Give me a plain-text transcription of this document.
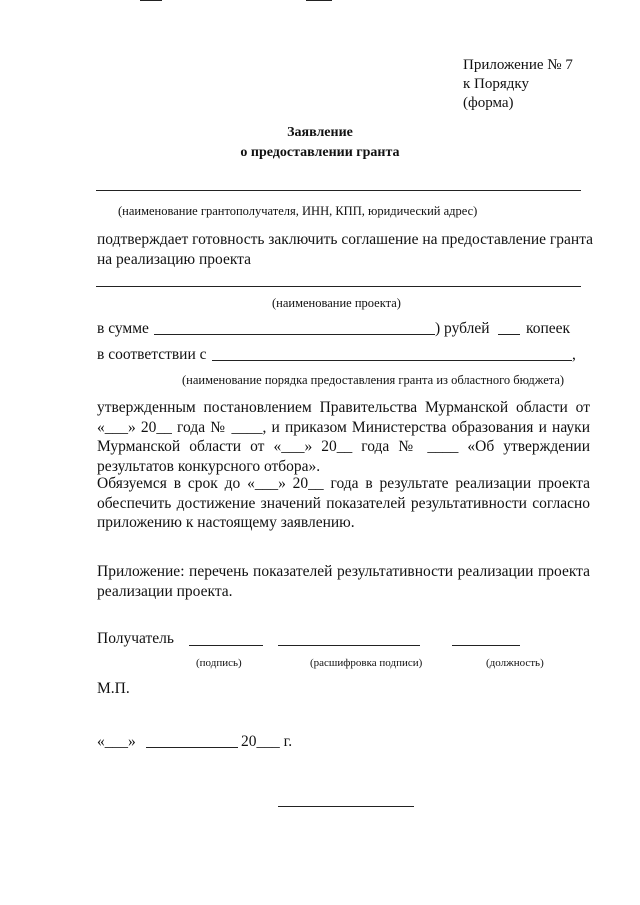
Приложение № 7
к Порядку
(форма)
Заявление
о предоставлении гранта
(наименование грантополучателя, ИНН, КПП, юридический адрес)
подтверждает готовность заключить соглашение на предоставление гранта
на реализацию проекта
(наименование проекта)
в сумме	) рублей копеек
в соответствии с	,
(наименование порядка предоставления гранта из областного бюджета)
утвержденным постановлением Правительства Мурманской области от
«___» 20__ года № ____, и приказом Министерства образования и науки
Мурманской области от «___» 20__ года № ____ «Об утверждении
результатов конкурсного отбора».
Обязуемся в срок до «___» 20__ года в результате реализации проекта
обеспечить достижение значений показателей результативности согласно
приложению к настоящему заявлению.
Приложение: перечень показателей результативности реализации проекта
реализации проекта.
Получатель
(подпись)	(расшифровка подписи)	(должность)
М.П.
«___»	20___ г.
